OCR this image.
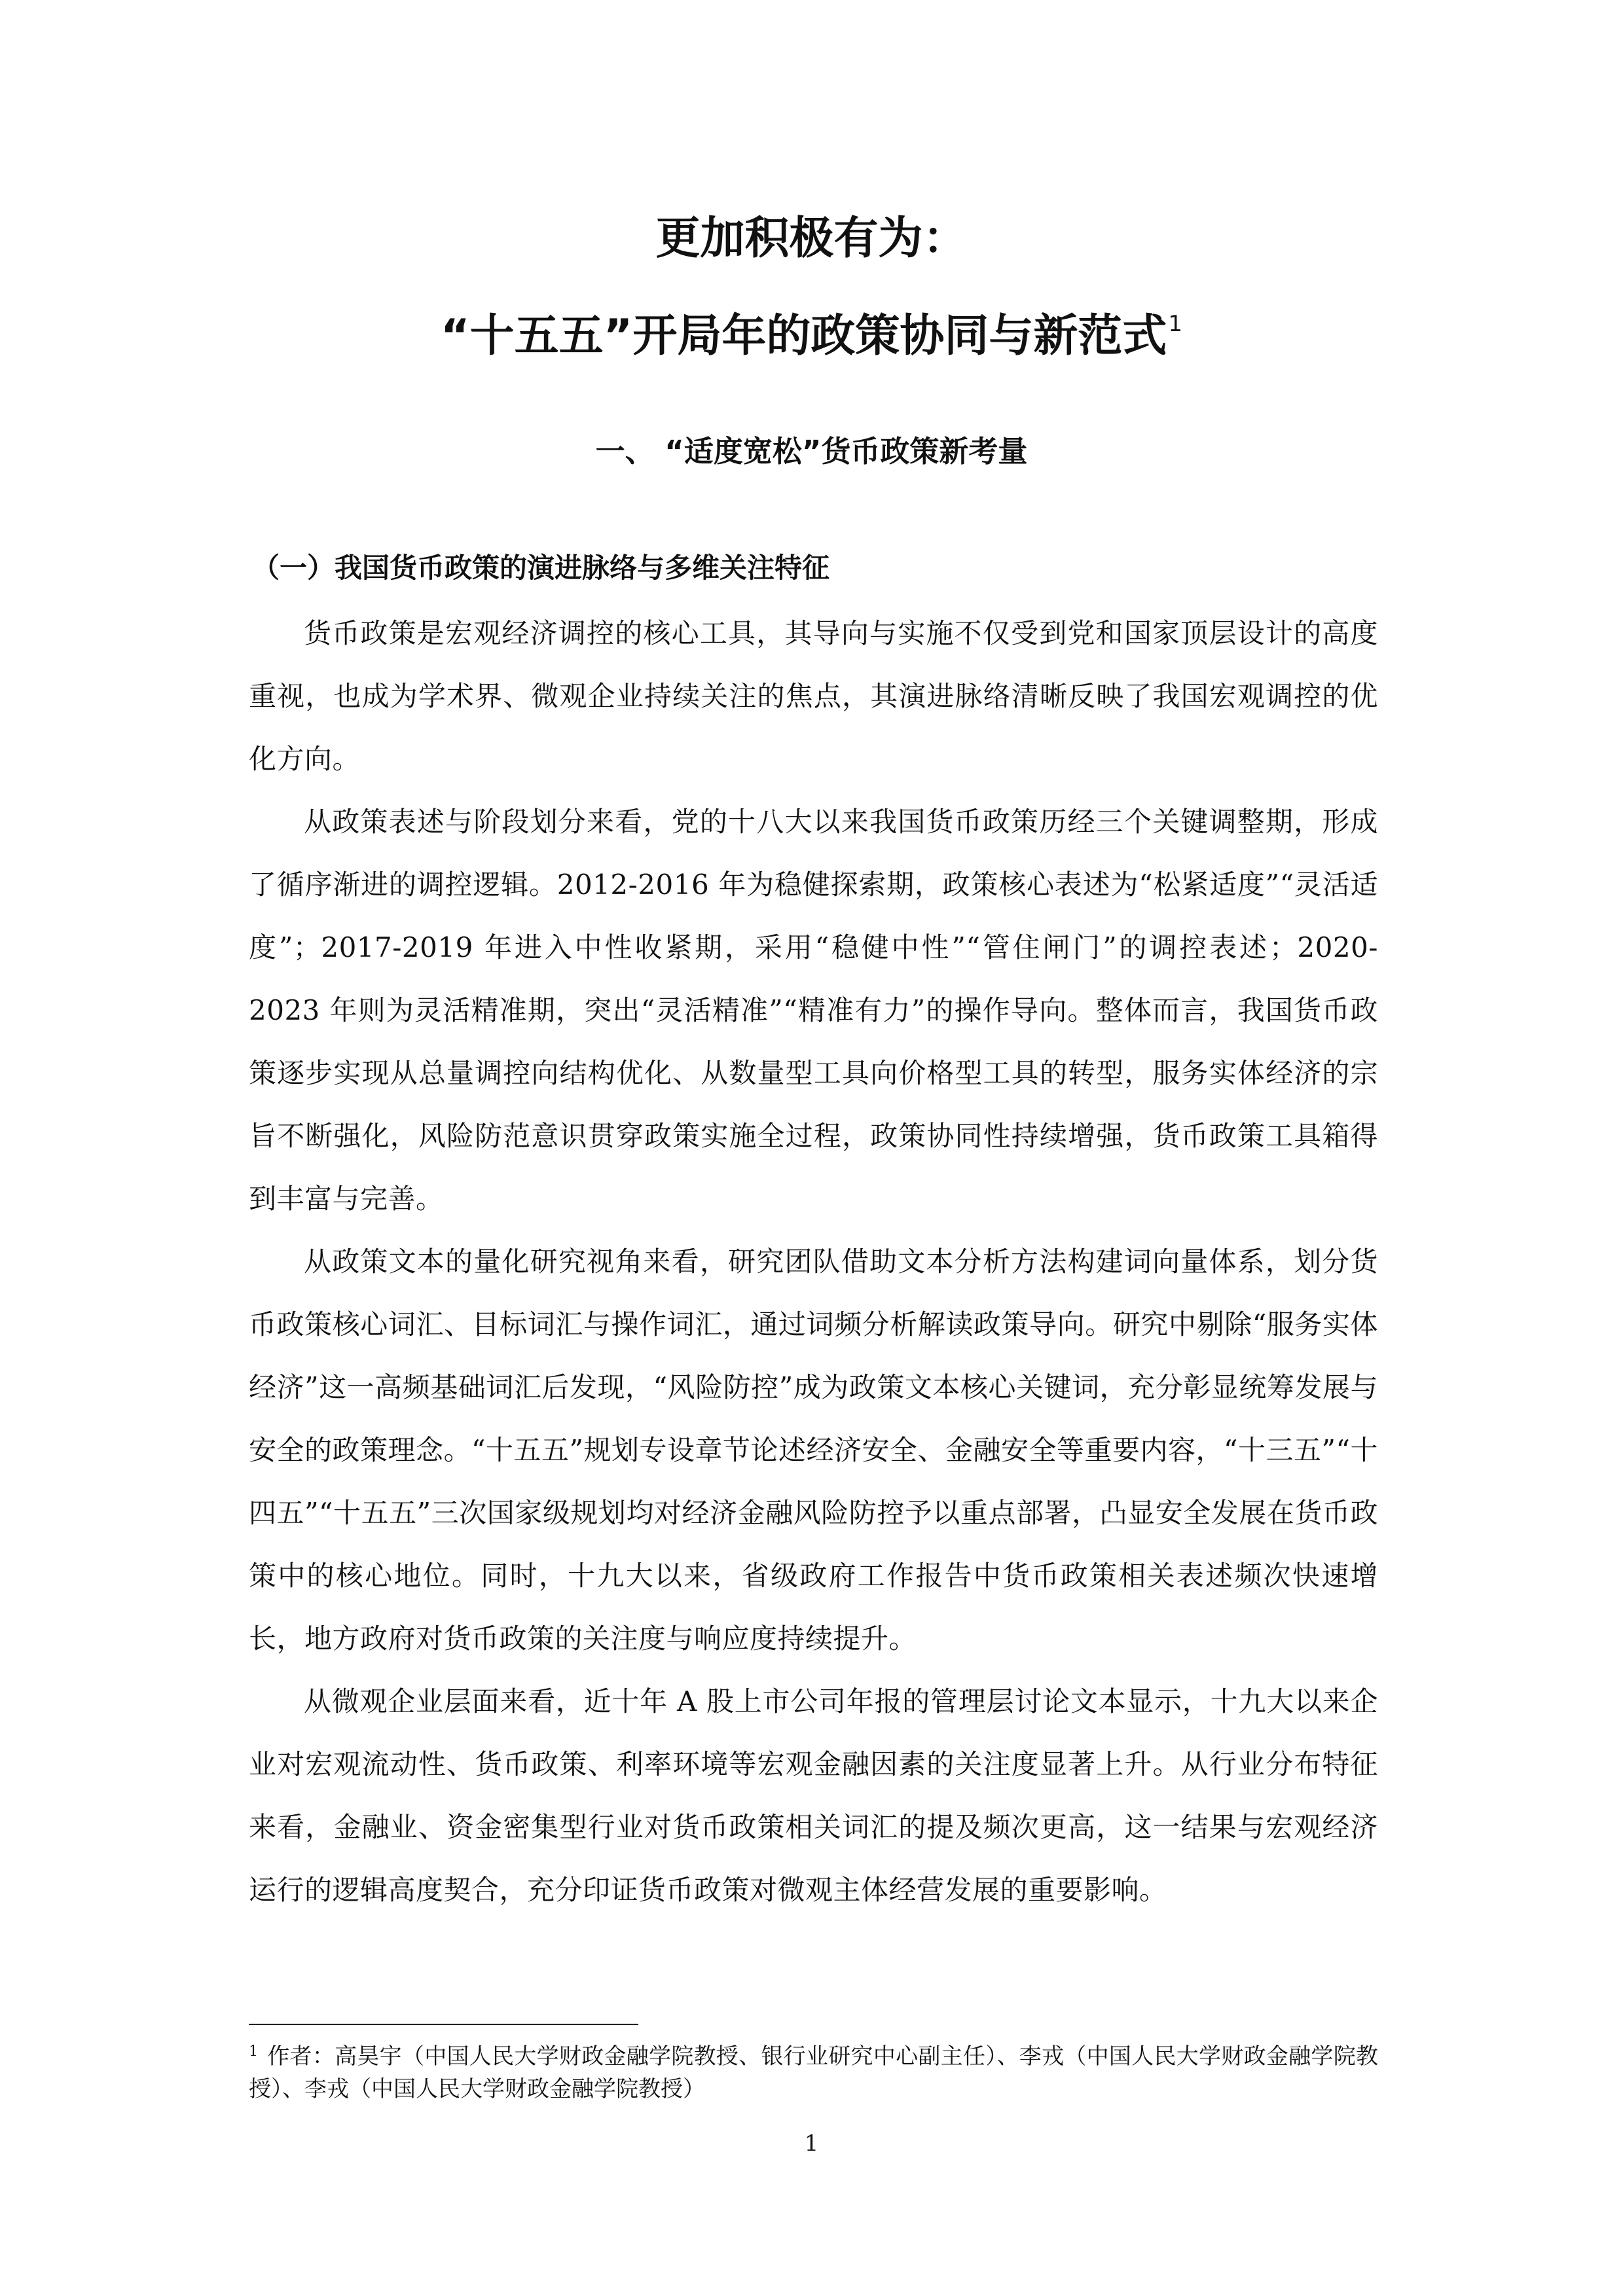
更加积极有为：
“十五五”开局年的政策协同与新范式$^1$
一、 “适度宽松”货币政策新考量
（一）我国货币政策的演进脉络与多维关注特征

货币政策是宏观经济调控的核心工具，其导向与实施不仅受到党和国家顶层设计的高度重视，也成为学术界、微观企业持续关注的焦点，其演进脉络清晰反映了我国宏观调控的优化方向。

从政策表述与阶段划分来看，党的十八大以来我国货币政策历经三个关键调整期，形成了循序渐进的调控逻辑。2012-2016 年为稳健探索期，政策核心表述为“松紧适度”“灵活适度”；2017-2019 年进入中性收紧期，采用“稳健中性”“管住闸门”的调控表述；2020-2023 年则为灵活精准期，突出“灵活精准”“精准有力”的操作导向。整体而言，我国货币政策逐步实现从总量调控向结构优化、从数量型工具向价格型工具的转型，服务实体经济的宗旨不断强化，风险防范意识贯穿政策实施全过程，政策协同性持续增强，货币政策工具箱得到丰富与完善。

从政策文本的量化研究视角来看，研究团队借助文本分析方法构建词向量体系，划分货币政策核心词汇、目标词汇与操作词汇，通过词频分析解读政策导向。研究中剔除“服务实体经济”这一高频基础词汇后发现，“风险防控”成为政策文本核心关键词，充分彰显统筹发展与安全的政策理念。“十五五”规划专设章节论述经济安全、金融安全等重要内容，“十三五”“十四五”“十五五”三次国家级规划均对经济金融风险防控予以重点部署，凸显安全发展在货币政策中的核心地位。同时，十九大以来，省级政府工作报告中货币政策相关表述频次快速增长，地方政府对货币政策的关注度与响应度持续提升。

从微观企业层面来看，近十年 A 股上市公司年报的管理层讨论文本显示，十九大以来企业对宏观流动性、货币政策、利率环境等宏观金融因素的关注度显著上升。从行业分布特征来看，金融业、资金密集型行业对货币政策相关词汇的提及频次更高，这一结果与宏观经济运行的逻辑高度契合，充分印证货币政策对微观主体经营发展的重要影响。

$^1$ 作者：高昊宇（中国人民大学财政金融学院教授、银行业研究中心副主任）、李戎（中国人民大学财政金融学院教授）、李戎（中国人民大学财政金融学院教授）

1
